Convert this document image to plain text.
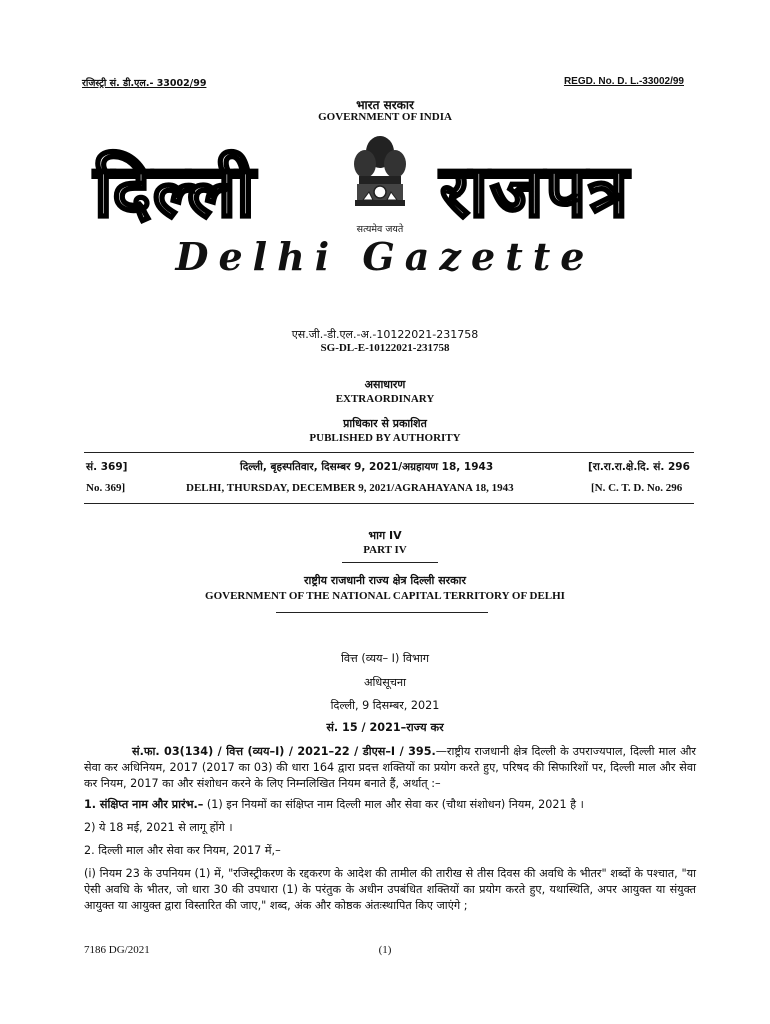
रजिस्ट्री सं. डी.एल.- 33002/99	REGD. No. D. L.-33002/99
भारत सरकार
GOVERNMENT OF INDIA
दिल्ली	राजपत्र
सत्यमेव जयते
Delhi Gazette
एस.जी.-डी.एल.-अ.-10122021-231758
SG-DL-E-10122021-231758
असाधारण
EXTRAORDINARY
प्राधिकार से प्रकाशित
PUBLISHED BY AUTHORITY
सं. 369]	दिल्ली, बृहस्पतिवार, दिसम्बर 9, 2021/अग्रहायण 18, 1943	[रा.रा.रा.क्षे.दि. सं. 296
No. 369]	DELHI, THURSDAY, DECEMBER 9, 2021/AGRAHAYANA 18, 1943	[N. C. T. D. No. 296
भाग IV
PART IV
राष्ट्रीय राजधानी राज्य क्षेत्र दिल्ली सरकार
GOVERNMENT OF THE NATIONAL CAPITAL TERRITORY OF DELHI
वित्त (व्यय– I) विभाग
अधिसूचना
दिल्ली, 9 दिसम्बर, 2021
सं. 15 / 2021–राज्य कर
सं.फा. 03(134) / वित्त (व्यय–I) / 2021–22 / डीएस–I / 395.—राष्ट्रीय राजधानी क्षेत्र दिल्ली के उपराज्यपाल, दिल्ली माल और सेवा कर अधिनियम, 2017 (2017 का 03) की धारा 164 द्वारा प्रदत्त शक्तियों का प्रयोग करते हुए, परिषद की सिफारिशों पर, दिल्ली माल और सेवा कर नियम, 2017 का और संशोधन करने के लिए निम्नलिखित नियम बनाते हैं, अर्थात् :–
1. संक्षिप्त नाम और प्रारंभ.– (1) इन नियमों का संक्षिप्त नाम दिल्ली माल और सेवा कर (चौथा संशोधन) नियम, 2021 है ।
2) ये 18 मई, 2021 से लागू होंगे ।
2. दिल्ली माल और सेवा कर नियम, 2017 में,–
(i) नियम 23 के उपनियम (1) में, "रजिस्ट्रीकरण के रद्दकरण के आदेश की तामील की तारीख से तीस दिवस की अवधि के भीतर" शब्दों के पश्चात, "या ऐसी अवधि के भीतर, जो धारा 30 की उपधारा (1) के परंतुक के अधीन उपबंधित शक्तियों का प्रयोग करते हुए, यथास्थिति, अपर आयुक्त या संयुक्त आयुक्त या आयुक्त द्वारा विस्तारित की जाए," शब्द, अंक और कोष्ठक अंतःस्थापित किए जाएंगे ;
7186 DG/2021	(1)
